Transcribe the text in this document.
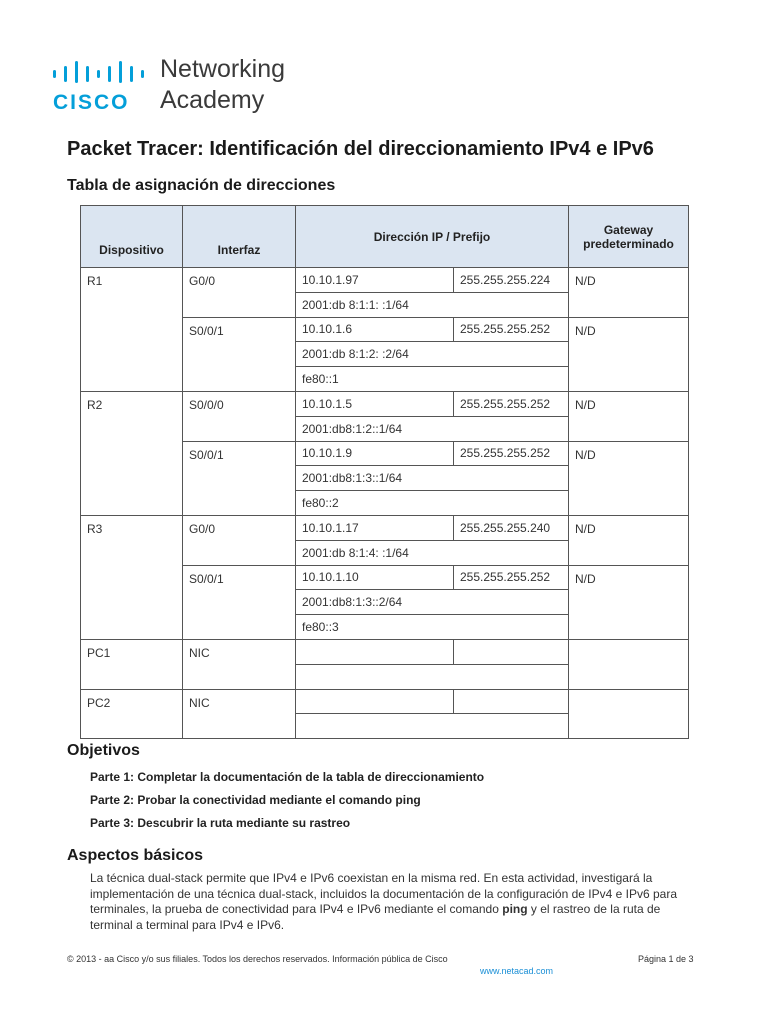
CISCO
Networking
Academy
Packet Tracer: Identificación del direccionamiento IPv4 e IPv6
Tabla de asignación de direcciones
Dispositivo	Interfaz	Dirección IP / Prefijo		Gateway
predeterminado
R1	G0/0	10.10.1.97	255.255.255.224	N/D
		2001:db 8:1:1: :1/64		
	S0/0/1	10.10.1.6	255.255.255.252	N/D
		2001:db 8:1:2: :2/64		
		fe80::1		
R2	S0/0/0	10.10.1.5	255.255.255.252	N/D
		2001:db8:1:2::1/64		
	S0/0/1	10.10.1.9	255.255.255.252	N/D
		2001:db8:1:3::1/64		
		fe80::2		
R3	G0/0	10.10.1.17	255.255.255.240	N/D
		2001:db 8:1:4: :1/64		
	S0/0/1	10.10.1.10	255.255.255.252	N/D
		2001:db8:1:3::2/64		
		fe80::3		
PC1	NIC			

PC2	NIC			

Objetivos
Parte 1: Completar la documentación de la tabla de direccionamiento
Parte 2: Probar la conectividad mediante el comando ping
Parte 3: Descubrir la ruta mediante su rastreo
Aspectos básicos
La técnica dual-stack permite que IPv4 e IPv6 coexistan en la misma red. En esta actividad, investigará la implementación de una técnica dual-stack, incluidos la documentación de la configuración de IPv4 e IPv6 para terminales, la prueba de conectividad para IPv4 e IPv6 mediante el comando ping y el rastreo de la ruta de terminal a terminal para IPv4 e IPv6.
© 2013 - aa Cisco y/o sus filiales. Todos los derechos reservados. Información pública de Cisco	Página 1 de 3
www.netacad.com
